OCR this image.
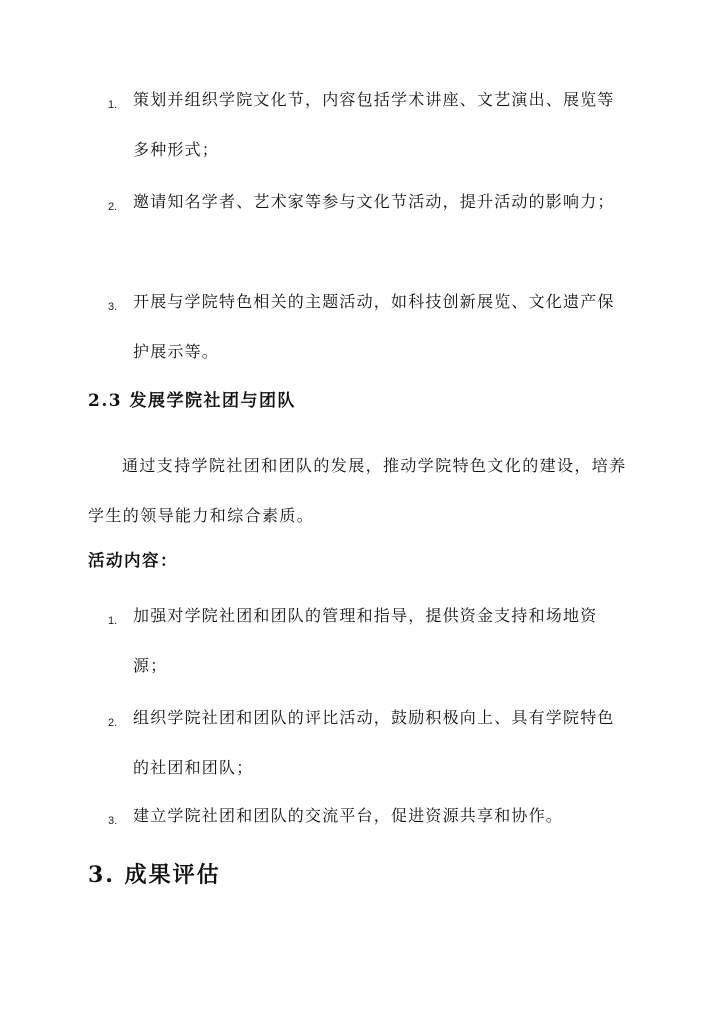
1. 策划并组织学院文化节，内容包括学术讲座、文艺演出、展览等多种形式；
2. 邀请知名学者、艺术家等参与文化节活动，提升活动的影响力；
3. 开展与学院特色相关的主题活动，如科技创新展览、文化遗产保护展示等。
2.3 发展学院社团与团队
通过支持学院社团和团队的发展，推动学院特色文化的建设，培养学生的领导能力和综合素质。
活动内容：
1. 加强对学院社团和团队的管理和指导，提供资金支持和场地资源；
2. 组织学院社团和团队的评比活动，鼓励积极向上、具有学院特色的社团和团队；
3. 建立学院社团和团队的交流平台，促进资源共享和协作。
3. 成果评估
